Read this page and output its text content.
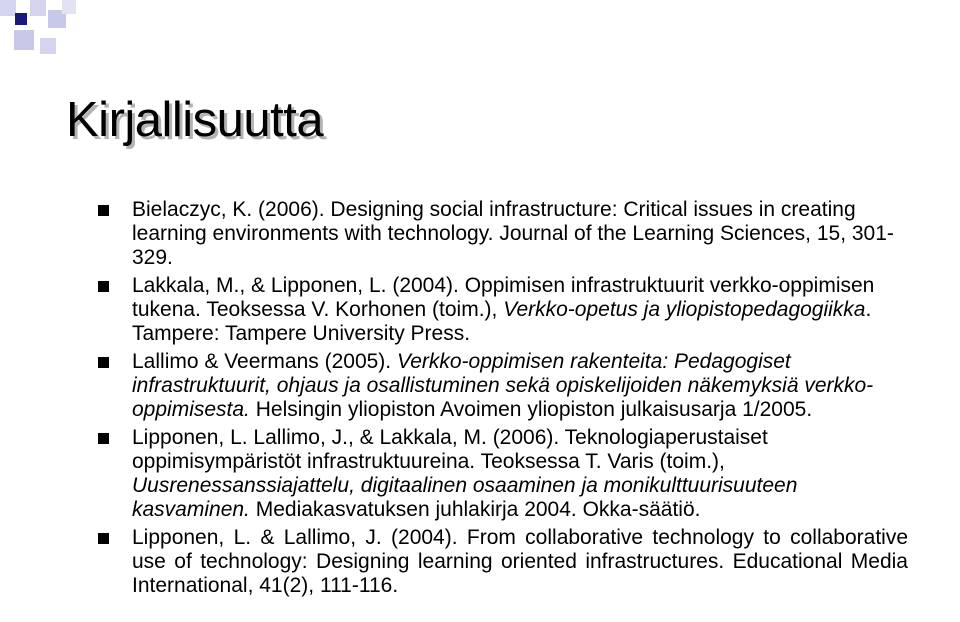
Kirjallisuutta
Bielaczyc, K. (2006). Designing social infrastructure: Critical issues in creating learning environments with technology. Journal of the Learning Sciences, 15, 301-329.
Lakkala, M., & Lipponen, L. (2004). Oppimisen infrastruktuurit verkko-oppimisen tukena. Teoksessa V. Korhonen (toim.), Verkko-opetus ja yliopistopedagogiikka. Tampere: Tampere University Press.
Lallimo & Veermans (2005). Verkko-oppimisen rakenteita: Pedagogiset infrastruktuurit, ohjaus ja osallistuminen sekä opiskelijoiden näkemyksiä verkko-oppimisesta. Helsingin yliopiston Avoimen yliopiston julkaisusarja 1/2005.
Lipponen, L. Lallimo, J., & Lakkala, M. (2006). Teknologiaperustaiset oppimisympäristöt infrastruktuureina. Teoksessa T. Varis (toim.), Uusrenessanssiajattelu, digitaalinen osaaminen ja monikulttuurisuuteen kasvaminen. Mediakasvatuksen juhlakirja 2004. Okka-säätiö.
Lipponen, L. & Lallimo, J. (2004). From collaborative technology to collaborative use of technology: Designing learning oriented infrastructures. Educational Media International, 41(2), 111-116.
